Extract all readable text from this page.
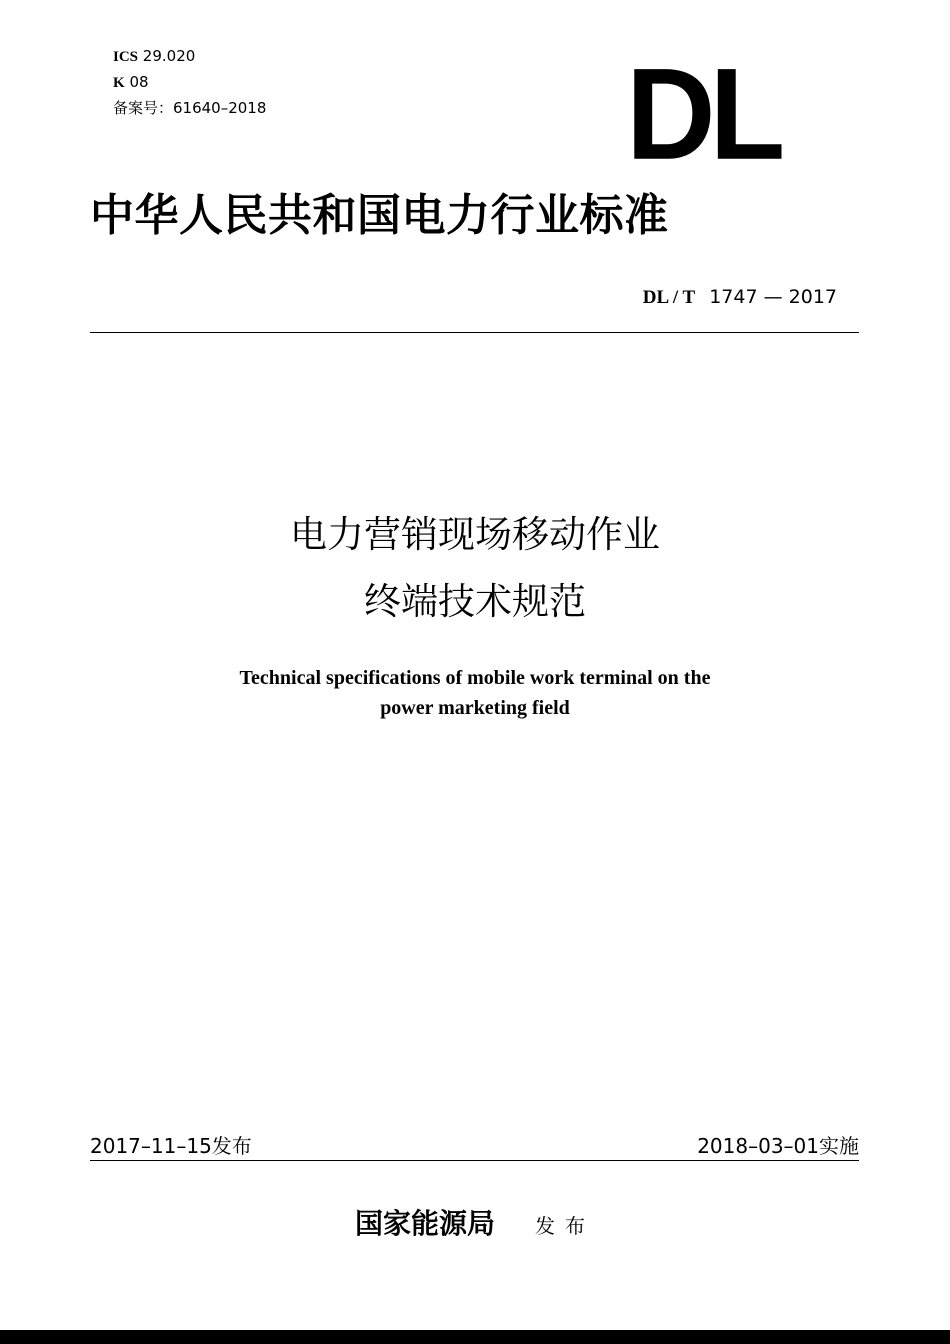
ICS 29.020
K 08
备案号：61640–2018	DL
中华人民共和国电力行业标准
DL / T 1747 — 2017
电力营销现场移动作业
终端技术规范
Technical specifications of mobile work terminal on the
power marketing field
2017–11–15发布	2018–03–01实施
国家能源局 发布
